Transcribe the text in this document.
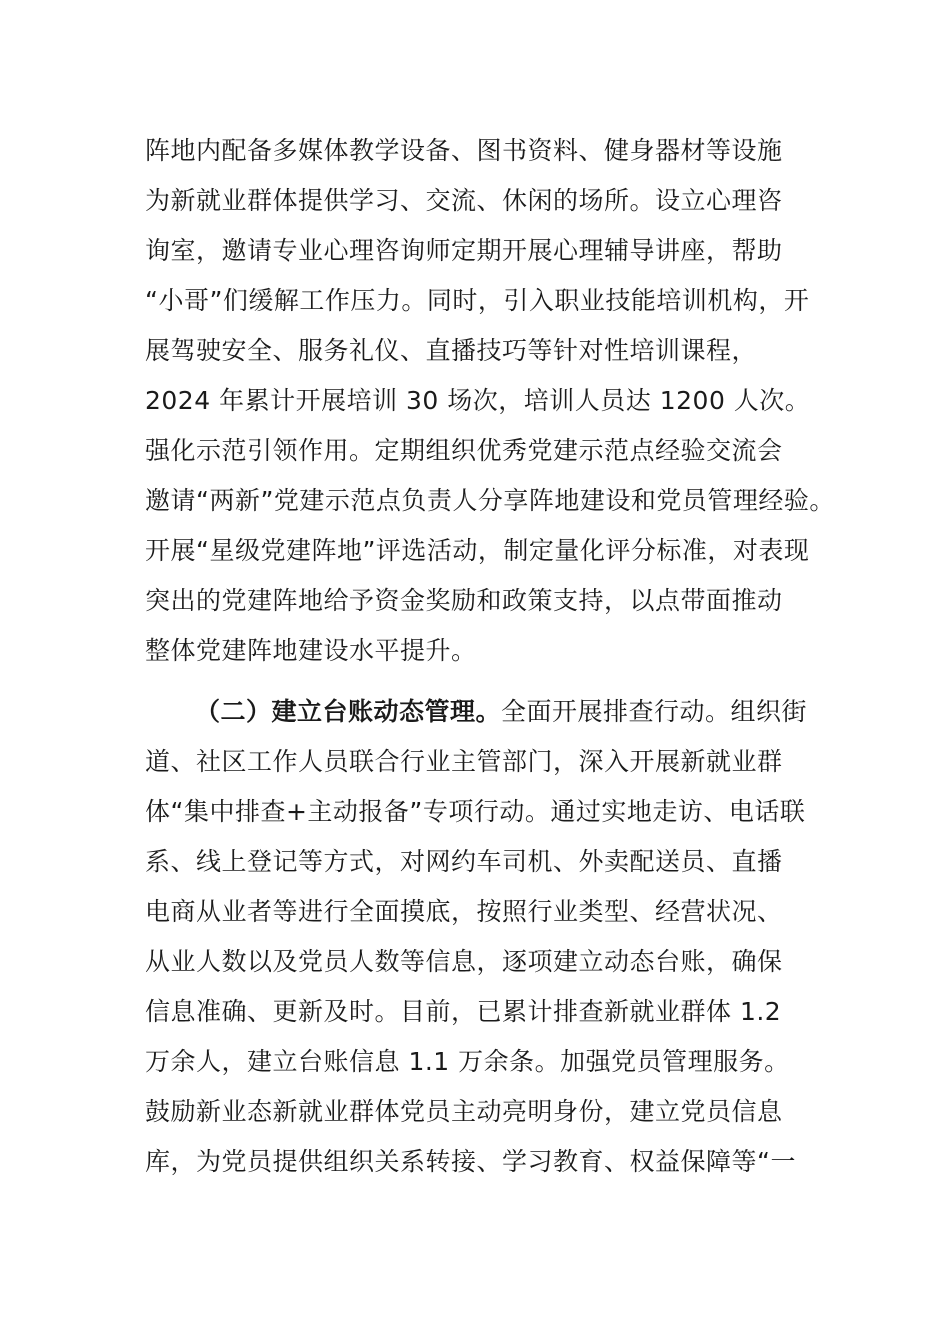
阵地内配备多媒体教学设备、图书资料、健身器材等设施
为新就业群体提供学习、交流、休闲的场所。设立心理咨
询室，邀请专业心理咨询师定期开展心理辅导讲座，帮助
“小哥”们缓解工作压力。同时，引入职业技能培训机构，开
展驾驶安全、服务礼仪、直播技巧等针对性培训课程，
2024 年累计开展培训 30 场次，培训人员达 1200 人次。
强化示范引领作用。定期组织优秀党建示范点经验交流会
邀请“两新”党建示范点负责人分享阵地建设和党员管理经验。
开展“星级党建阵地”评选活动，制定量化评分标准，对表现
突出的党建阵地给予资金奖励和政策支持，以点带面推动
整体党建阵地建设水平提升。
（二）建立台账动态管理。全面开展排查行动。组织街
道、社区工作人员联合行业主管部门，深入开展新就业群
体“集中排查+主动报备”专项行动。通过实地走访、电话联
系、线上登记等方式，对网约车司机、外卖配送员、直播
电商从业者等进行全面摸底，按照行业类型、经营状况、
从业人数以及党员人数等信息，逐项建立动态台账，确保
信息准确、更新及时。目前，已累计排查新就业群体 1.2
万余人，建立台账信息 1.1 万余条。加强党员管理服务。
鼓励新业态新就业群体党员主动亮明身份，建立党员信息
库，为党员提供组织关系转接、学习教育、权益保障等“一
